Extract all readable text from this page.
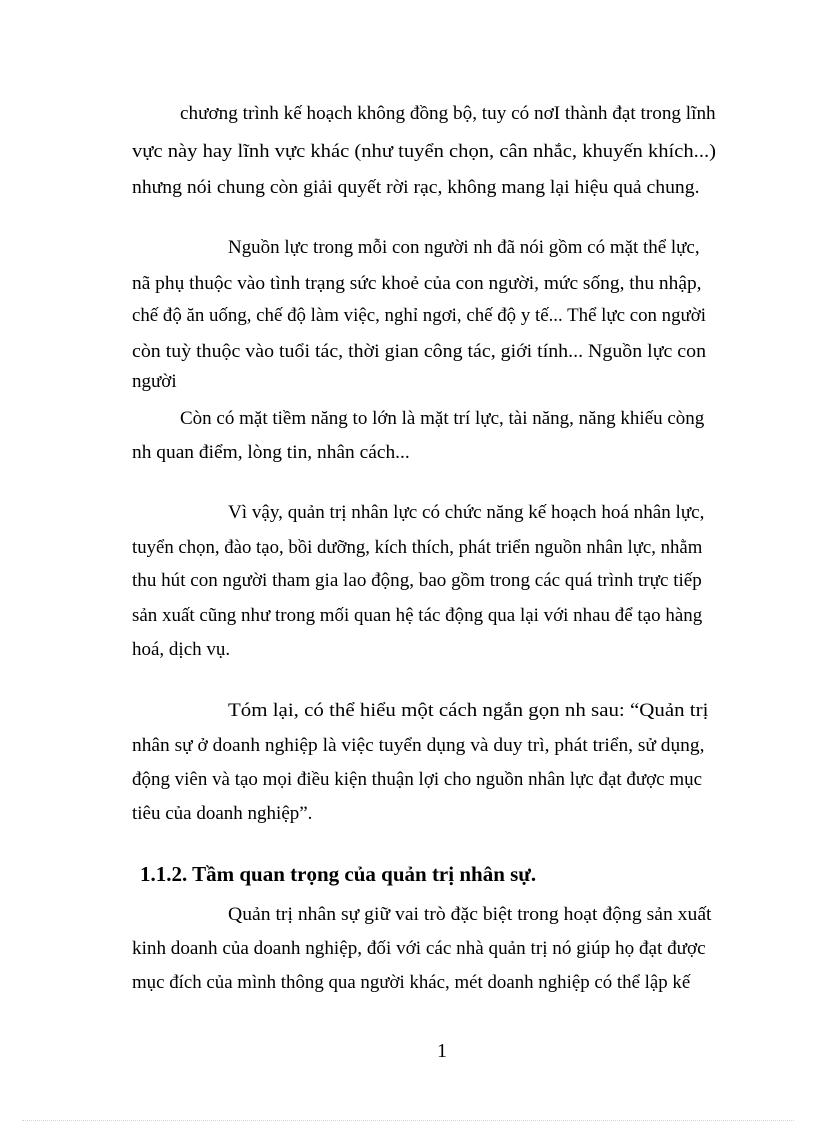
chương trình kế hoạch không đồng bộ, tuy có nơI thành đạt trong lĩnh
vực này hay lĩnh vực khác (như tuyển chọn, cân nhắc, khuyến khích...)
nhưng nói chung còn giải quyết rời rạc, không mang lại hiệu quả chung.
Nguồn lực trong mỗi con người nh đã nói gồm có mặt thể lực,
nã phụ thuộc vào tình trạng sức khoẻ của con người, mức sống, thu nhập,
chế độ ăn uống, chế độ làm việc, nghỉ ngơi, chế độ y tế... Thể lực con người
còn tuỳ thuộc vào tuổi tác, thời gian công tác, giới tính... Nguồn lực con
người
Còn có mặt tiềm năng to lớn là mặt trí lực, tài năng, năng khiếu còng
nh quan điểm, lòng tin, nhân cách...
Vì vậy, quản trị nhân lực có chức năng kế hoạch hoá nhân lực,
tuyển chọn, đào tạo, bồi dưỡng, kích thích, phát triển nguồn nhân lực, nhằm
thu hút con người tham gia lao động, bao gồm trong các quá trình trực tiếp
sản xuất cũng như trong mối quan hệ tác động qua lại với nhau để tạo hàng
hoá, dịch vụ.
Tóm lại, có thể hiểu một cách ngắn gọn nh sau: “Quản trị
nhân sự ở doanh nghiệp là việc tuyển dụng và duy trì, phát triển, sử dụng,
động viên và tạo mọi điều kiện thuận lợi cho nguồn nhân lực đạt được mục
tiêu của doanh nghiệp”.
1.1.2. Tầm quan trọng của quản trị nhân sự.
Quản trị nhân sự giữ vai trò đặc biệt trong hoạt động sản xuất
kinh doanh của doanh nghiệp, đối với các nhà quản trị nó giúp họ đạt được
mục đích của mình thông qua người khác, mét doanh nghiệp có thể lập kế
1
